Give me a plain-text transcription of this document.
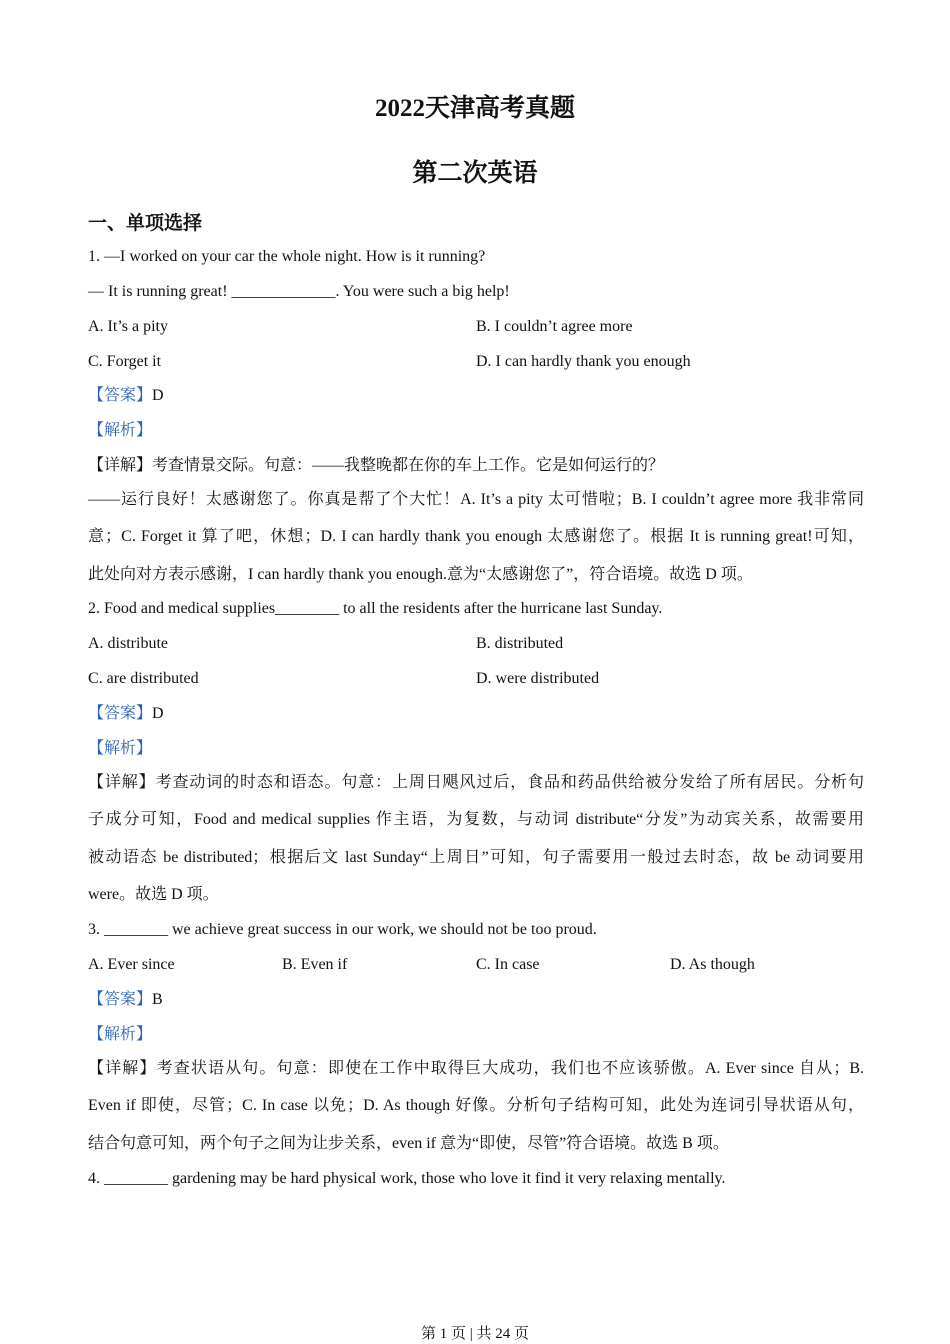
2022天津高考真题
第二次英语
一、单项选择

1. —I worked on your car the whole night. How is it running?

— It is running great! _____________. You were such a big help!

A. It’s a pity	B. I couldn’t agree more

C. Forget it	D. I can hardly thank you enough

【答案】D

【解析】

【详解】考查情景交际。句意：——我整晚都在你的车上工作。它是如何运行的？

——运行良好！太感谢您了。你真是帮了个大忙！A. It’s a pity 太可惜啦；B. I couldn’t agree more 我非常同

意；C. Forget it 算了吧，休想；D. I can hardly thank you enough 太感谢您了。根据 It is running great!可知，

此处向对方表示感谢，I can hardly thank you enough.意为“太感谢您了”，符合语境。故选 D 项。

2. Food and medical supplies________ to all the residents after the hurricane last Sunday.

A. distribute	B. distributed

C. are distributed	D. were distributed

【答案】D

【解析】

【详解】考查动词的时态和语态。句意：上周日飓风过后，食品和药品供给被分发给了所有居民。分析句

子成分可知，Food and medical supplies 作主语，为复数，与动词 distribute“分发”为动宾关系，故需要用

被动语态 be distributed；根据后文 last Sunday“上周日”可知，句子需要用一般过去时态，故 be 动词要用

were。故选 D 项。

3. ________ we achieve great success in our work, we should not be too proud.

A. Ever since	B. Even if	C. In case	D. As though

【答案】B

【解析】

【详解】考查状语从句。句意：即使在工作中取得巨大成功，我们也不应该骄傲。A. Ever since 自从；B.

Even if 即使，尽管；C. In case 以免；D. As though 好像。分析句子结构可知，此处为连词引导状语从句，

结合句意可知，两个句子之间为让步关系，even if 意为“即使，尽管”符合语境。故选 B 项。

4. ________ gardening may be hard physical work, those who love it find it very relaxing mentally.

第 1 页 | 共 24 页
